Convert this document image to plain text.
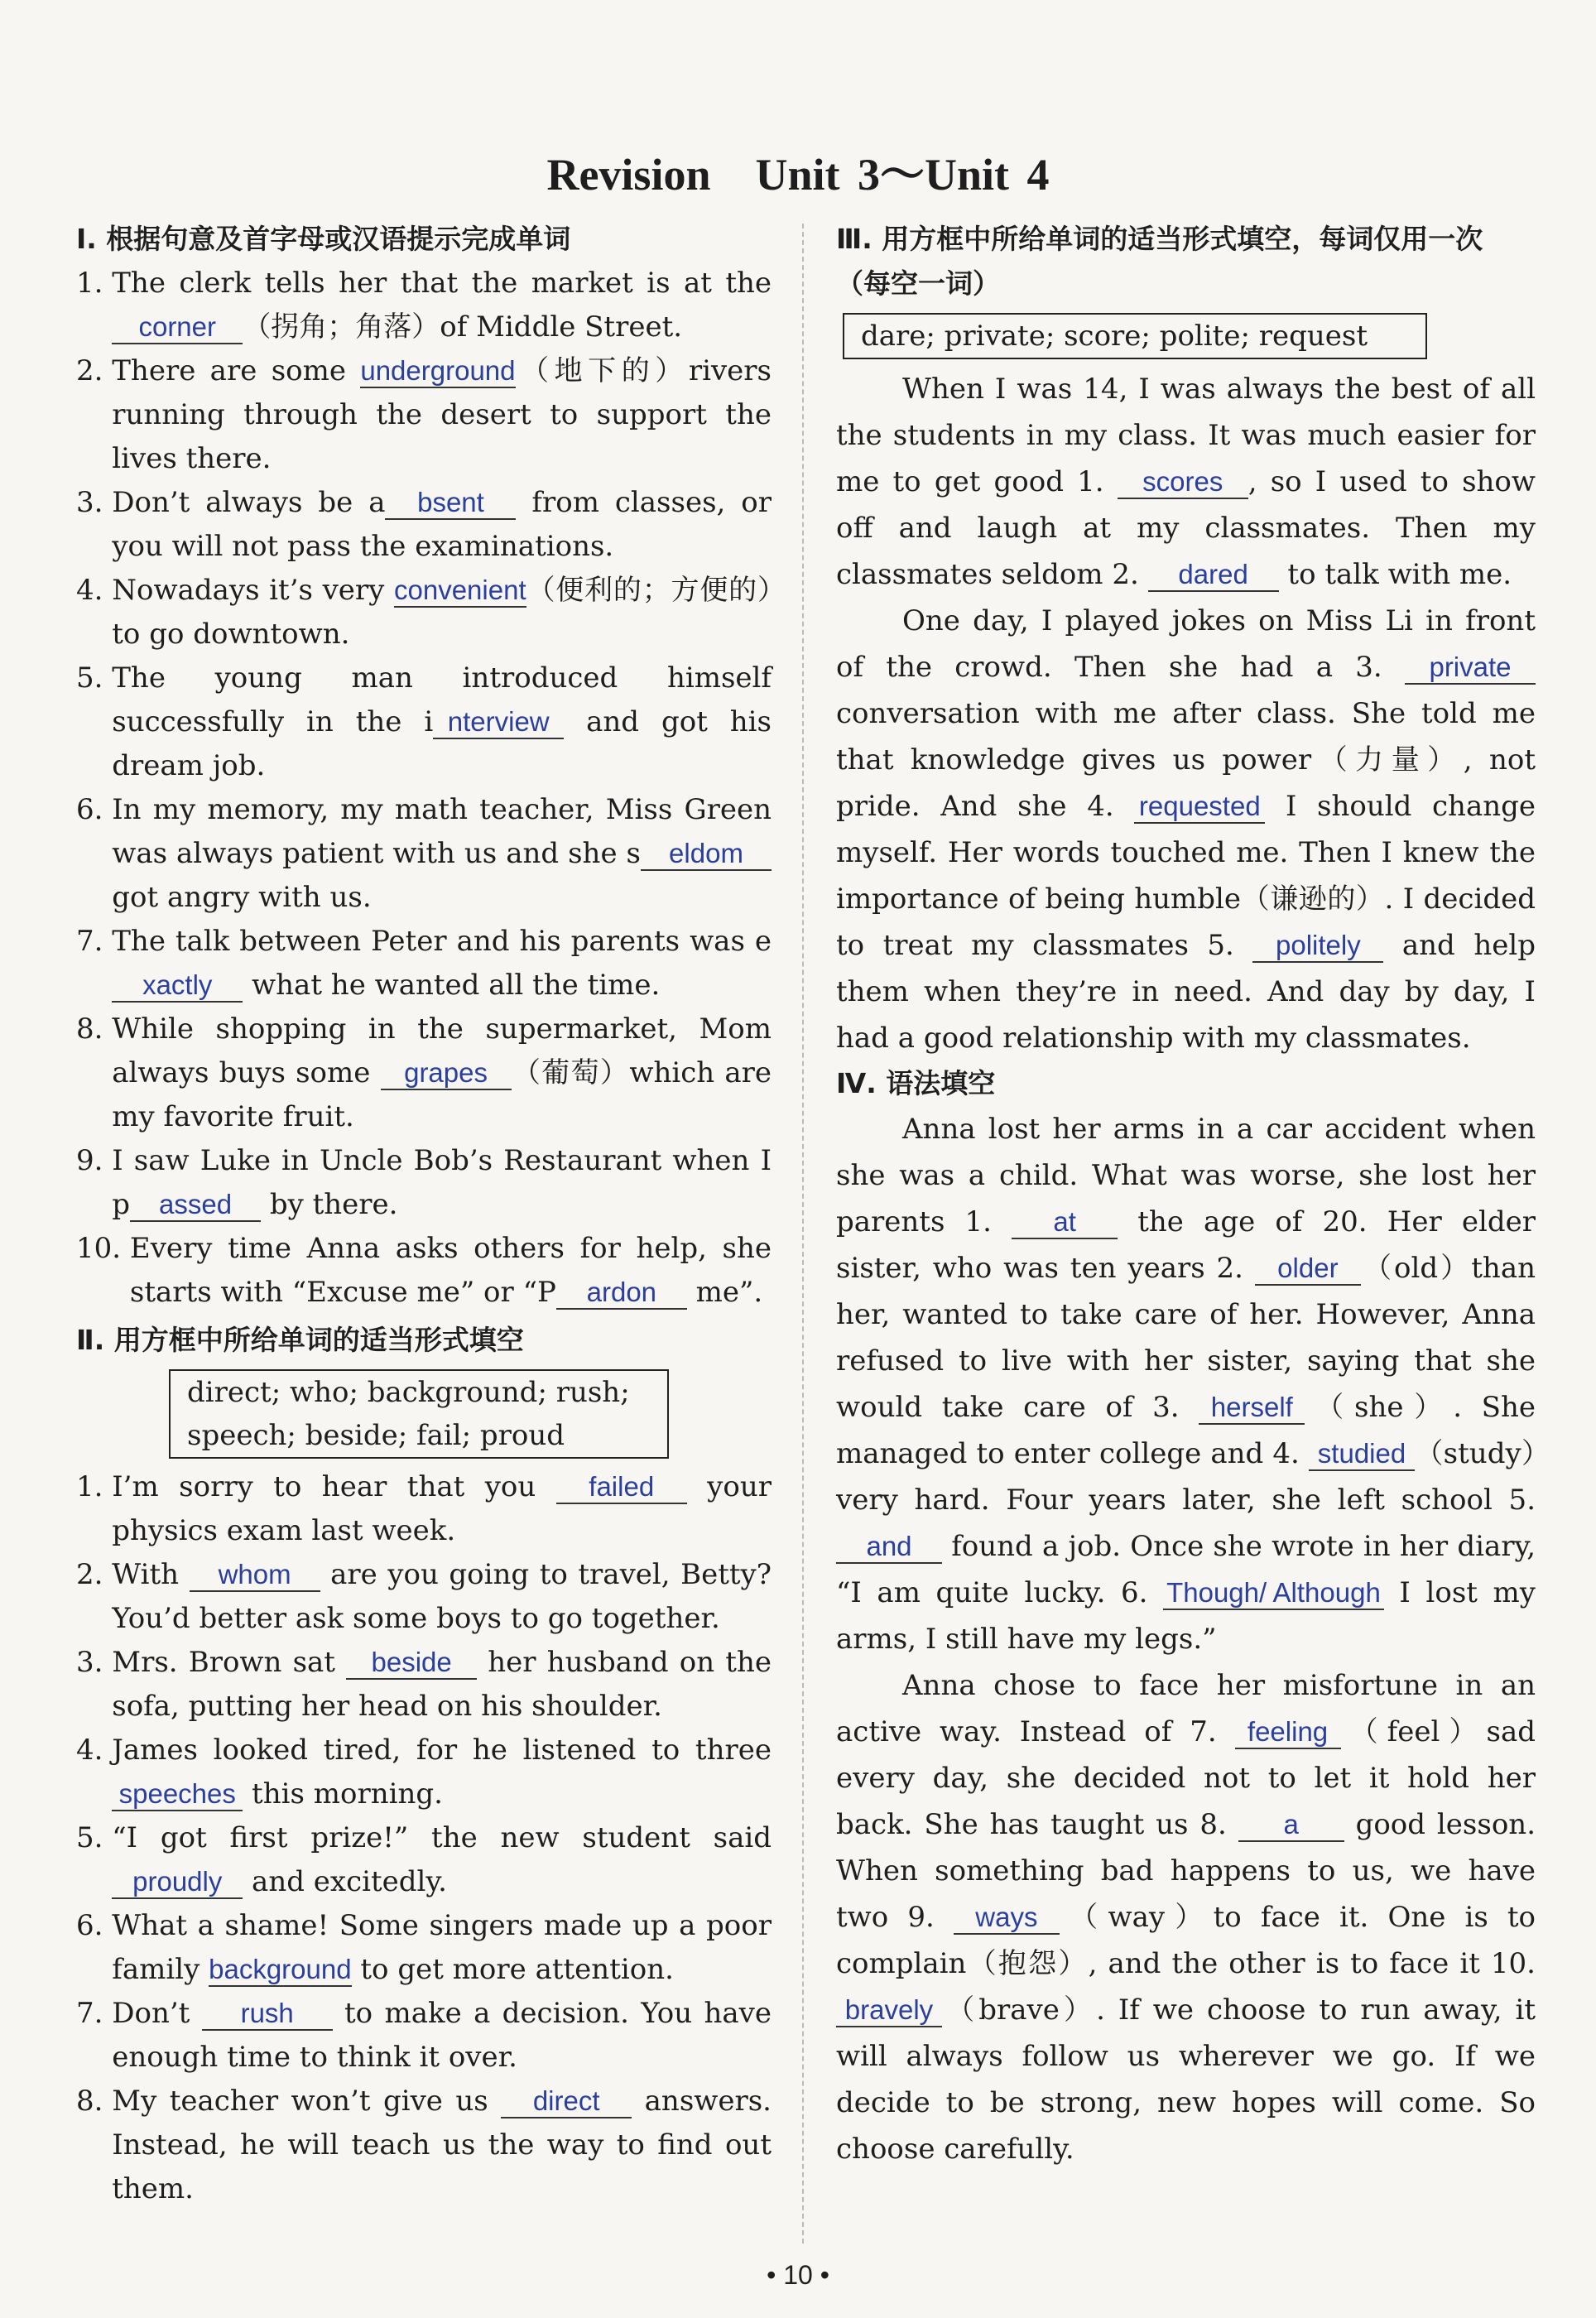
Revision　Unit 3～Unit 4
Ⅰ. 根据句意及首字母或汉语提示完成单词
1. The clerk tells her that the market is at the corner （拐角；角落）of Middle Street.
2. There are some underground（地下的）rivers running through the desert to support the lives there.
3. Don’t always be a bsent from classes, or you will not pass the examinations.
4. Nowadays it’s very convenient（便利的；方便的）to go downtown.
5. The young man introduced himself successfully in the i nterview and got his dream job.
6. In my memory, my math teacher, Miss Green was always patient with us and she s eldom got angry with us.
7. The talk between Peter and his parents was exactly what he wanted all the time.
8. While shopping in the supermarket, Mom always buys some grapes （葡萄）which are my favorite fruit.
9. I saw Luke in Uncle Bob’s Restaurant when I p assed by there.
10. Every time Anna asks others for help, she starts with “Excuse me” or “P ardon me”.
Ⅱ. 用方框中所给单词的适当形式填空
direct; who; background; rush;
speech; beside; fail; proud
1. I’m sorry to hear that you failed your physics exam last week.
2. With whom are you going to travel, Betty? You’d better ask some boys to go together.
3. Mrs. Brown sat beside her husband on the sofa, putting her head on his shoulder.
4. James looked tired, for he listened to three speeches this morning.
5. “I got first prize!” the new student said proudly and excitedly.
6. What a shame! Some singers made up a poor family background to get more attention.
7. Don’t rush to make a decision. You have enough time to think it over.
8. My teacher won’t give us direct answers. Instead, he will teach us the way to find out them.
Ⅲ. 用方框中所给单词的适当形式填空，每词仅用一次（每空一词）
dare; private; score; polite; request
When I was 14, I was always the best of all the students in my class. It was much easier for me to get good 1. scores , so I used to show off and laugh at my classmates. Then my classmates seldom 2. dared to talk with me.
One day, I played jokes on Miss Li in front of the crowd. Then she had a 3. private conversation with me after class. She told me that knowledge gives us power（力量）, not pride. And she 4. requested I should change myself. Her words touched me. Then I knew the importance of being humble（谦逊的）. I decided to treat my classmates 5. politely and help them when they’re in need. And day by day, I had a good relationship with my classmates.
Ⅳ. 语法填空
Anna lost her arms in a car accident when she was a child. What was worse, she lost her parents 1. at the age of 20. Her elder sister, who was ten years 2. older （old）than her, wanted to take care of her. However, Anna refused to live with her sister, saying that she would take care of 3. herself （she）. She managed to enter college and 4. studied （study）very hard. Four years later, she left school 5. and found a job. Once she wrote in her diary, “I am quite lucky. 6. Though/ Although I lost my arms, I still have my legs.”
Anna chose to face her misfortune in an active way. Instead of 7. feeling （feel）sad every day, she decided not to let it hold her back. She has taught us 8. a good lesson. When something bad happens to us, we have two 9. ways （way）to face it. One is to complain（抱怨）, and the other is to face it 10. bravely （brave）. If we choose to run away, it will always follow us wherever we go. If we decide to be strong, new hopes will come. So choose carefully.
• 10 •
